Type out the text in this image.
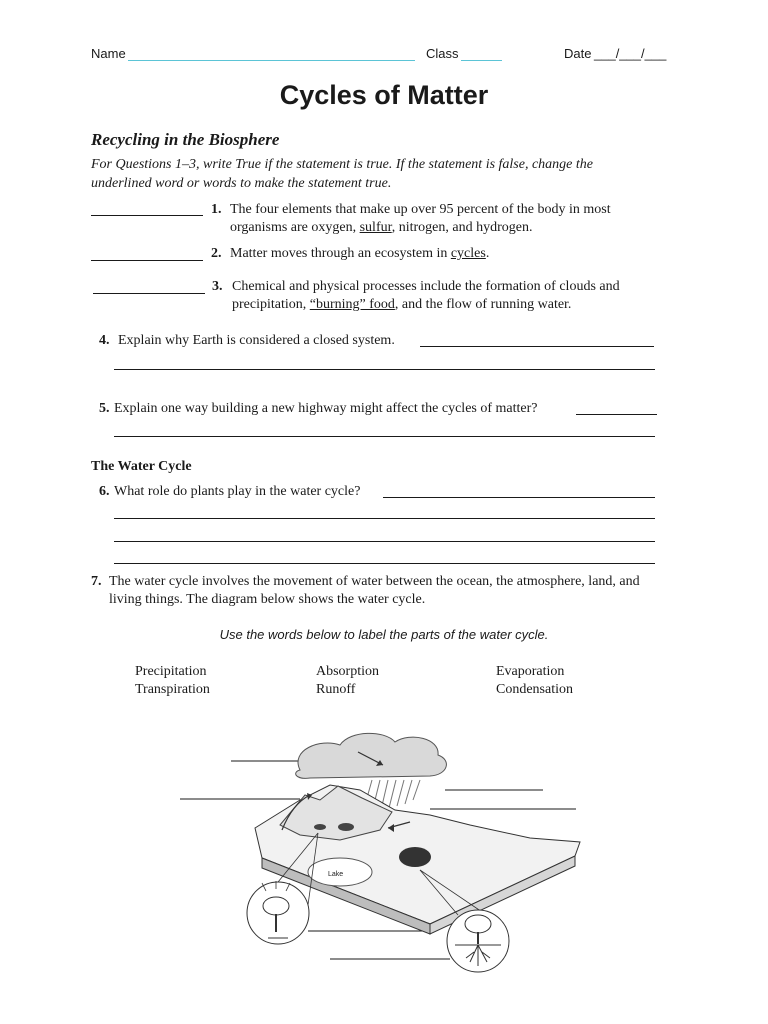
Name	Class	Date ___/___/___
Cycles of Matter
Recycling in the Biosphere
For Questions 1–3, write True if the statement is true. If the statement is false, change the
underlined word or words to make the statement true.
1. The four elements that make up over 95 percent of the body in most
organisms are oxygen, sulfur, nitrogen, and hydrogen.
2. Matter moves through an ecosystem in cycles.
3. Chemical and physical processes include the formation of clouds and
precipitation, “burning” food, and the flow of running water.
4. Explain why Earth is considered a closed system.
5. Explain one way building a new highway might affect the cycles of matter?
The Water Cycle
6. What role do plants play in the water cycle?
7. The water cycle involves the movement of water between the ocean, the atmosphere, land, and
living things. The diagram below shows the water cycle.
Use the words below to label the parts of the water cycle.
Precipitation	Absorption	Evaporation
Transpiration	Runoff	Condensation
Lake
